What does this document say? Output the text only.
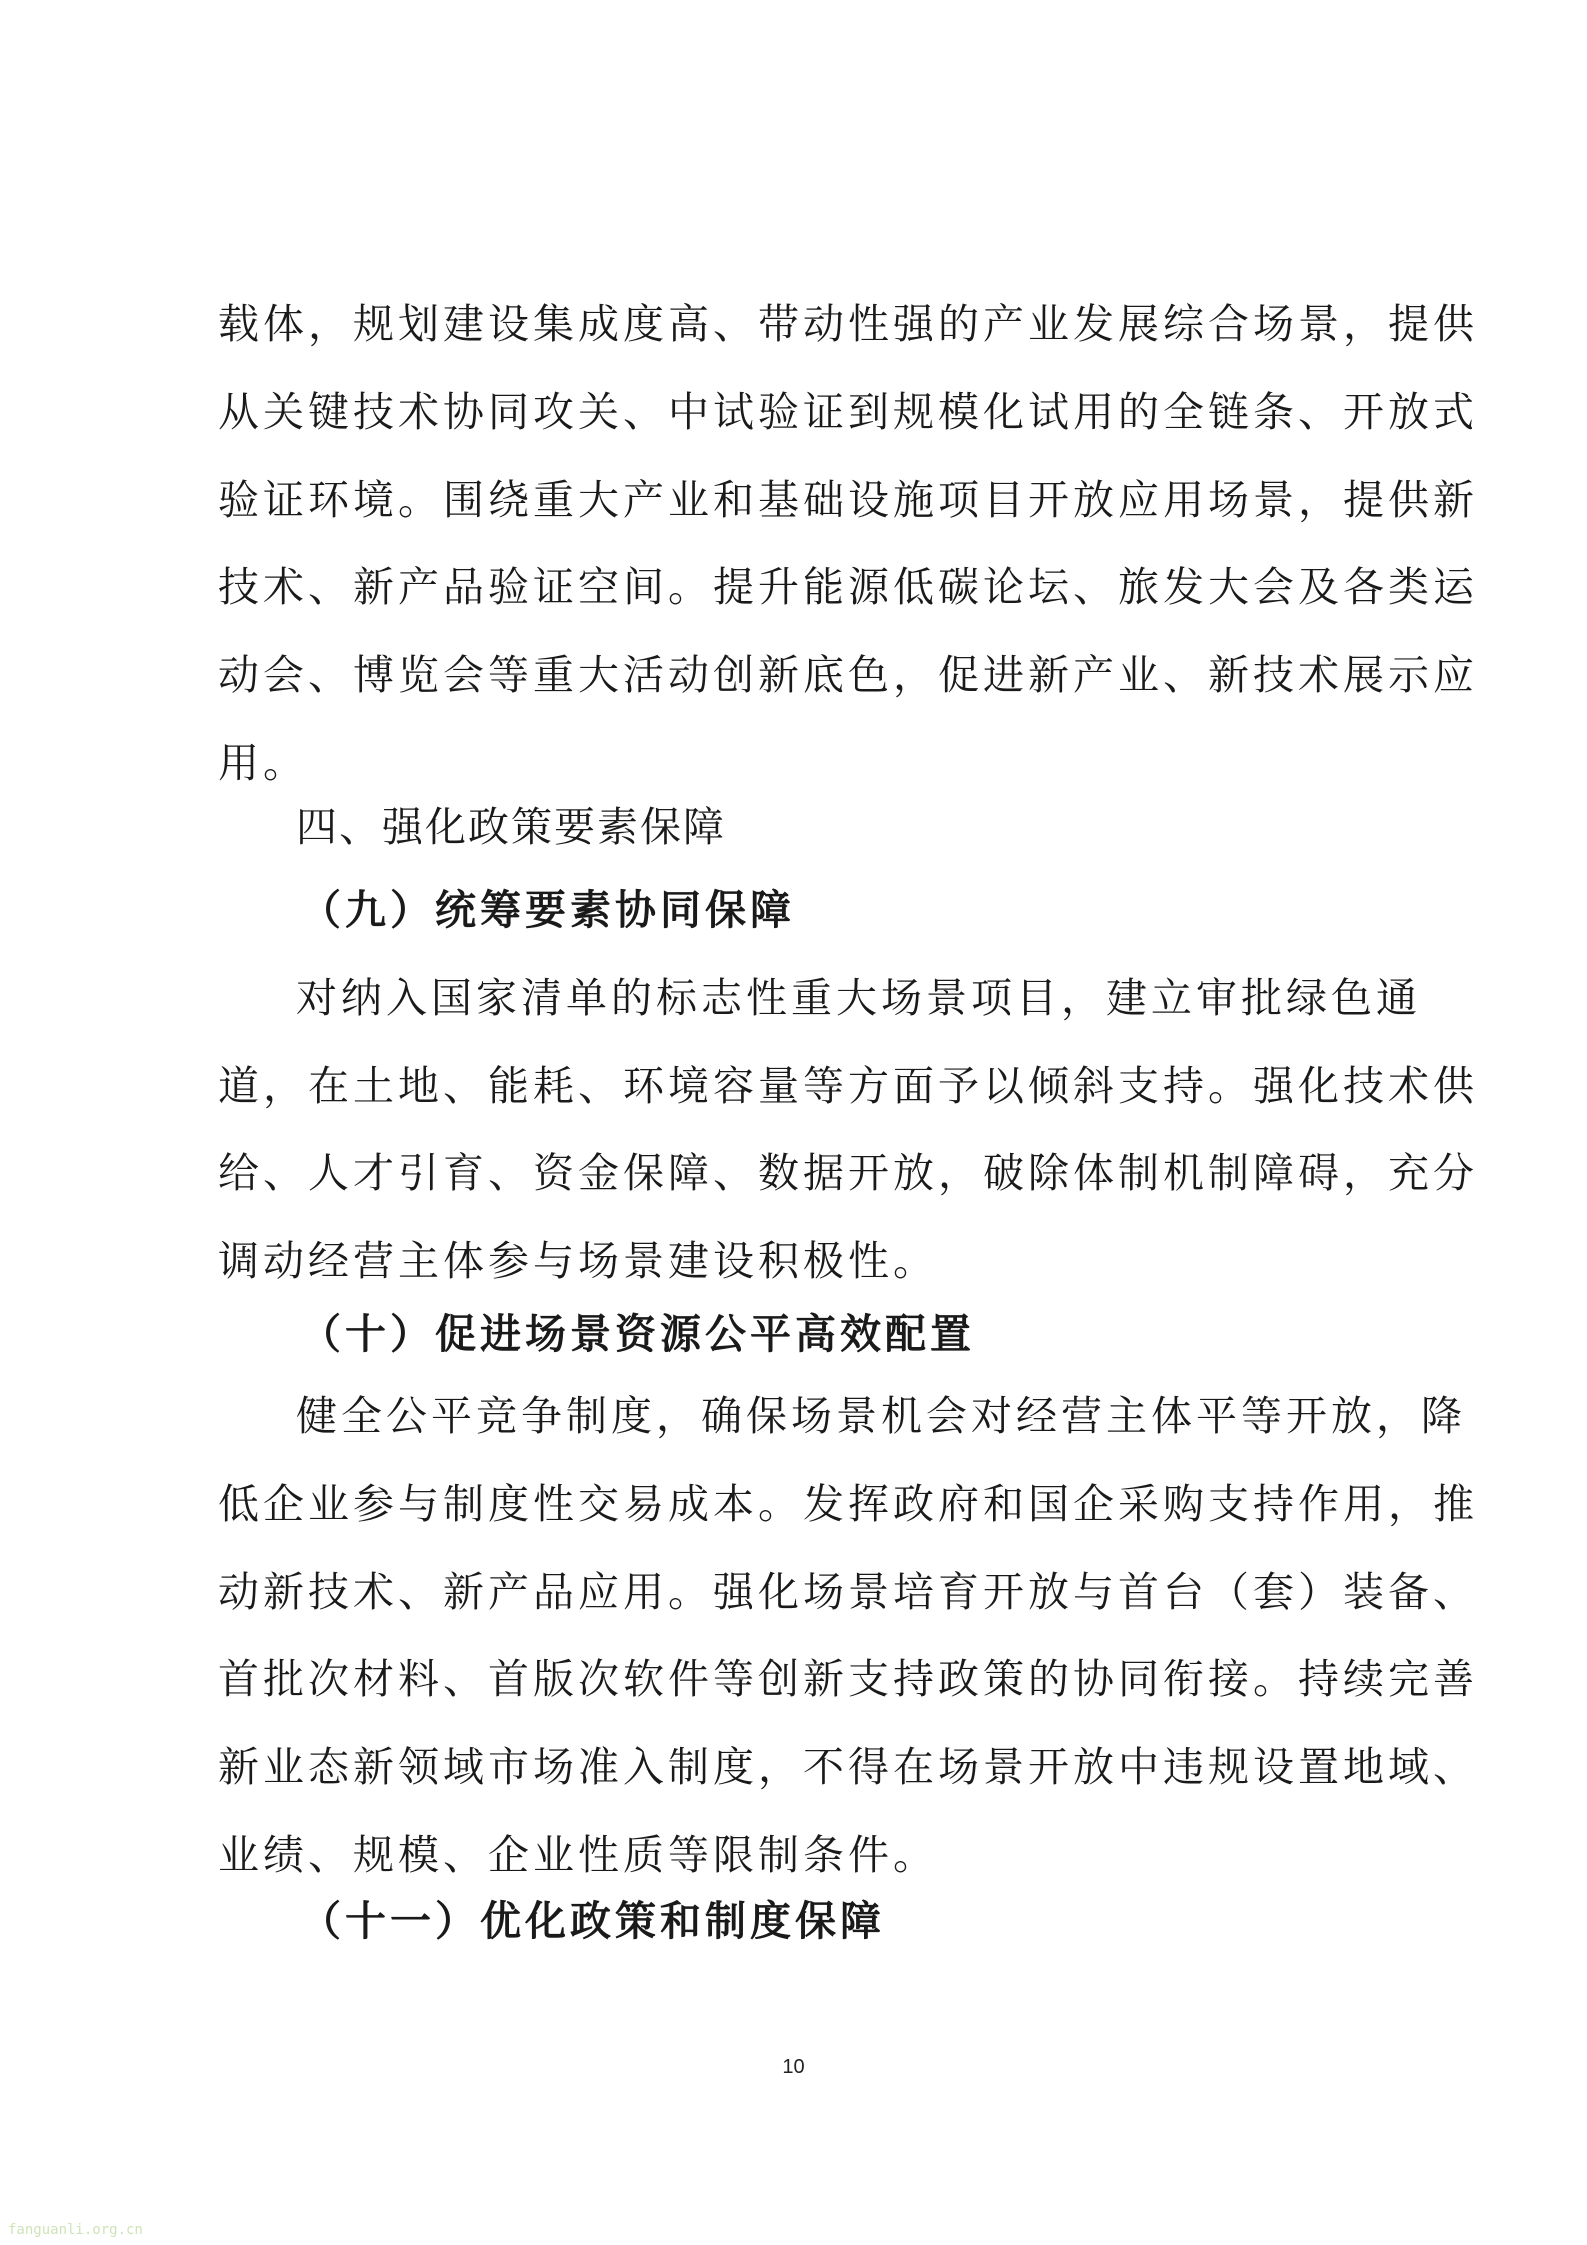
载体，规划建设集成度高、带动性强的产业发展综合场景，提供
从关键技术协同攻关、中试验证到规模化试用的全链条、开放式
验证环境。围绕重大产业和基础设施项目开放应用场景，提供新
技术、新产品验证空间。提升能源低碳论坛、旅发大会及各类运
动会、博览会等重大活动创新底色，促进新产业、新技术展示应
用。
四、强化政策要素保障
（九）统筹要素协同保障
对纳入国家清单的标志性重大场景项目，建立审批绿色通
道，在土地、能耗、环境容量等方面予以倾斜支持。强化技术供
给、人才引育、资金保障、数据开放，破除体制机制障碍，充分
调动经营主体参与场景建设积极性。
（十）促进场景资源公平高效配置
健全公平竞争制度，确保场景机会对经营主体平等开放，降
低企业参与制度性交易成本。发挥政府和国企采购支持作用，推
动新技术、新产品应用。强化场景培育开放与首台（套）装备、
首批次材料、首版次软件等创新支持政策的协同衔接。持续完善
新业态新领域市场准入制度，不得在场景开放中违规设置地域、
业绩、规模、企业性质等限制条件。
（十一）优化政策和制度保障
10
fanguanli.org.cn
